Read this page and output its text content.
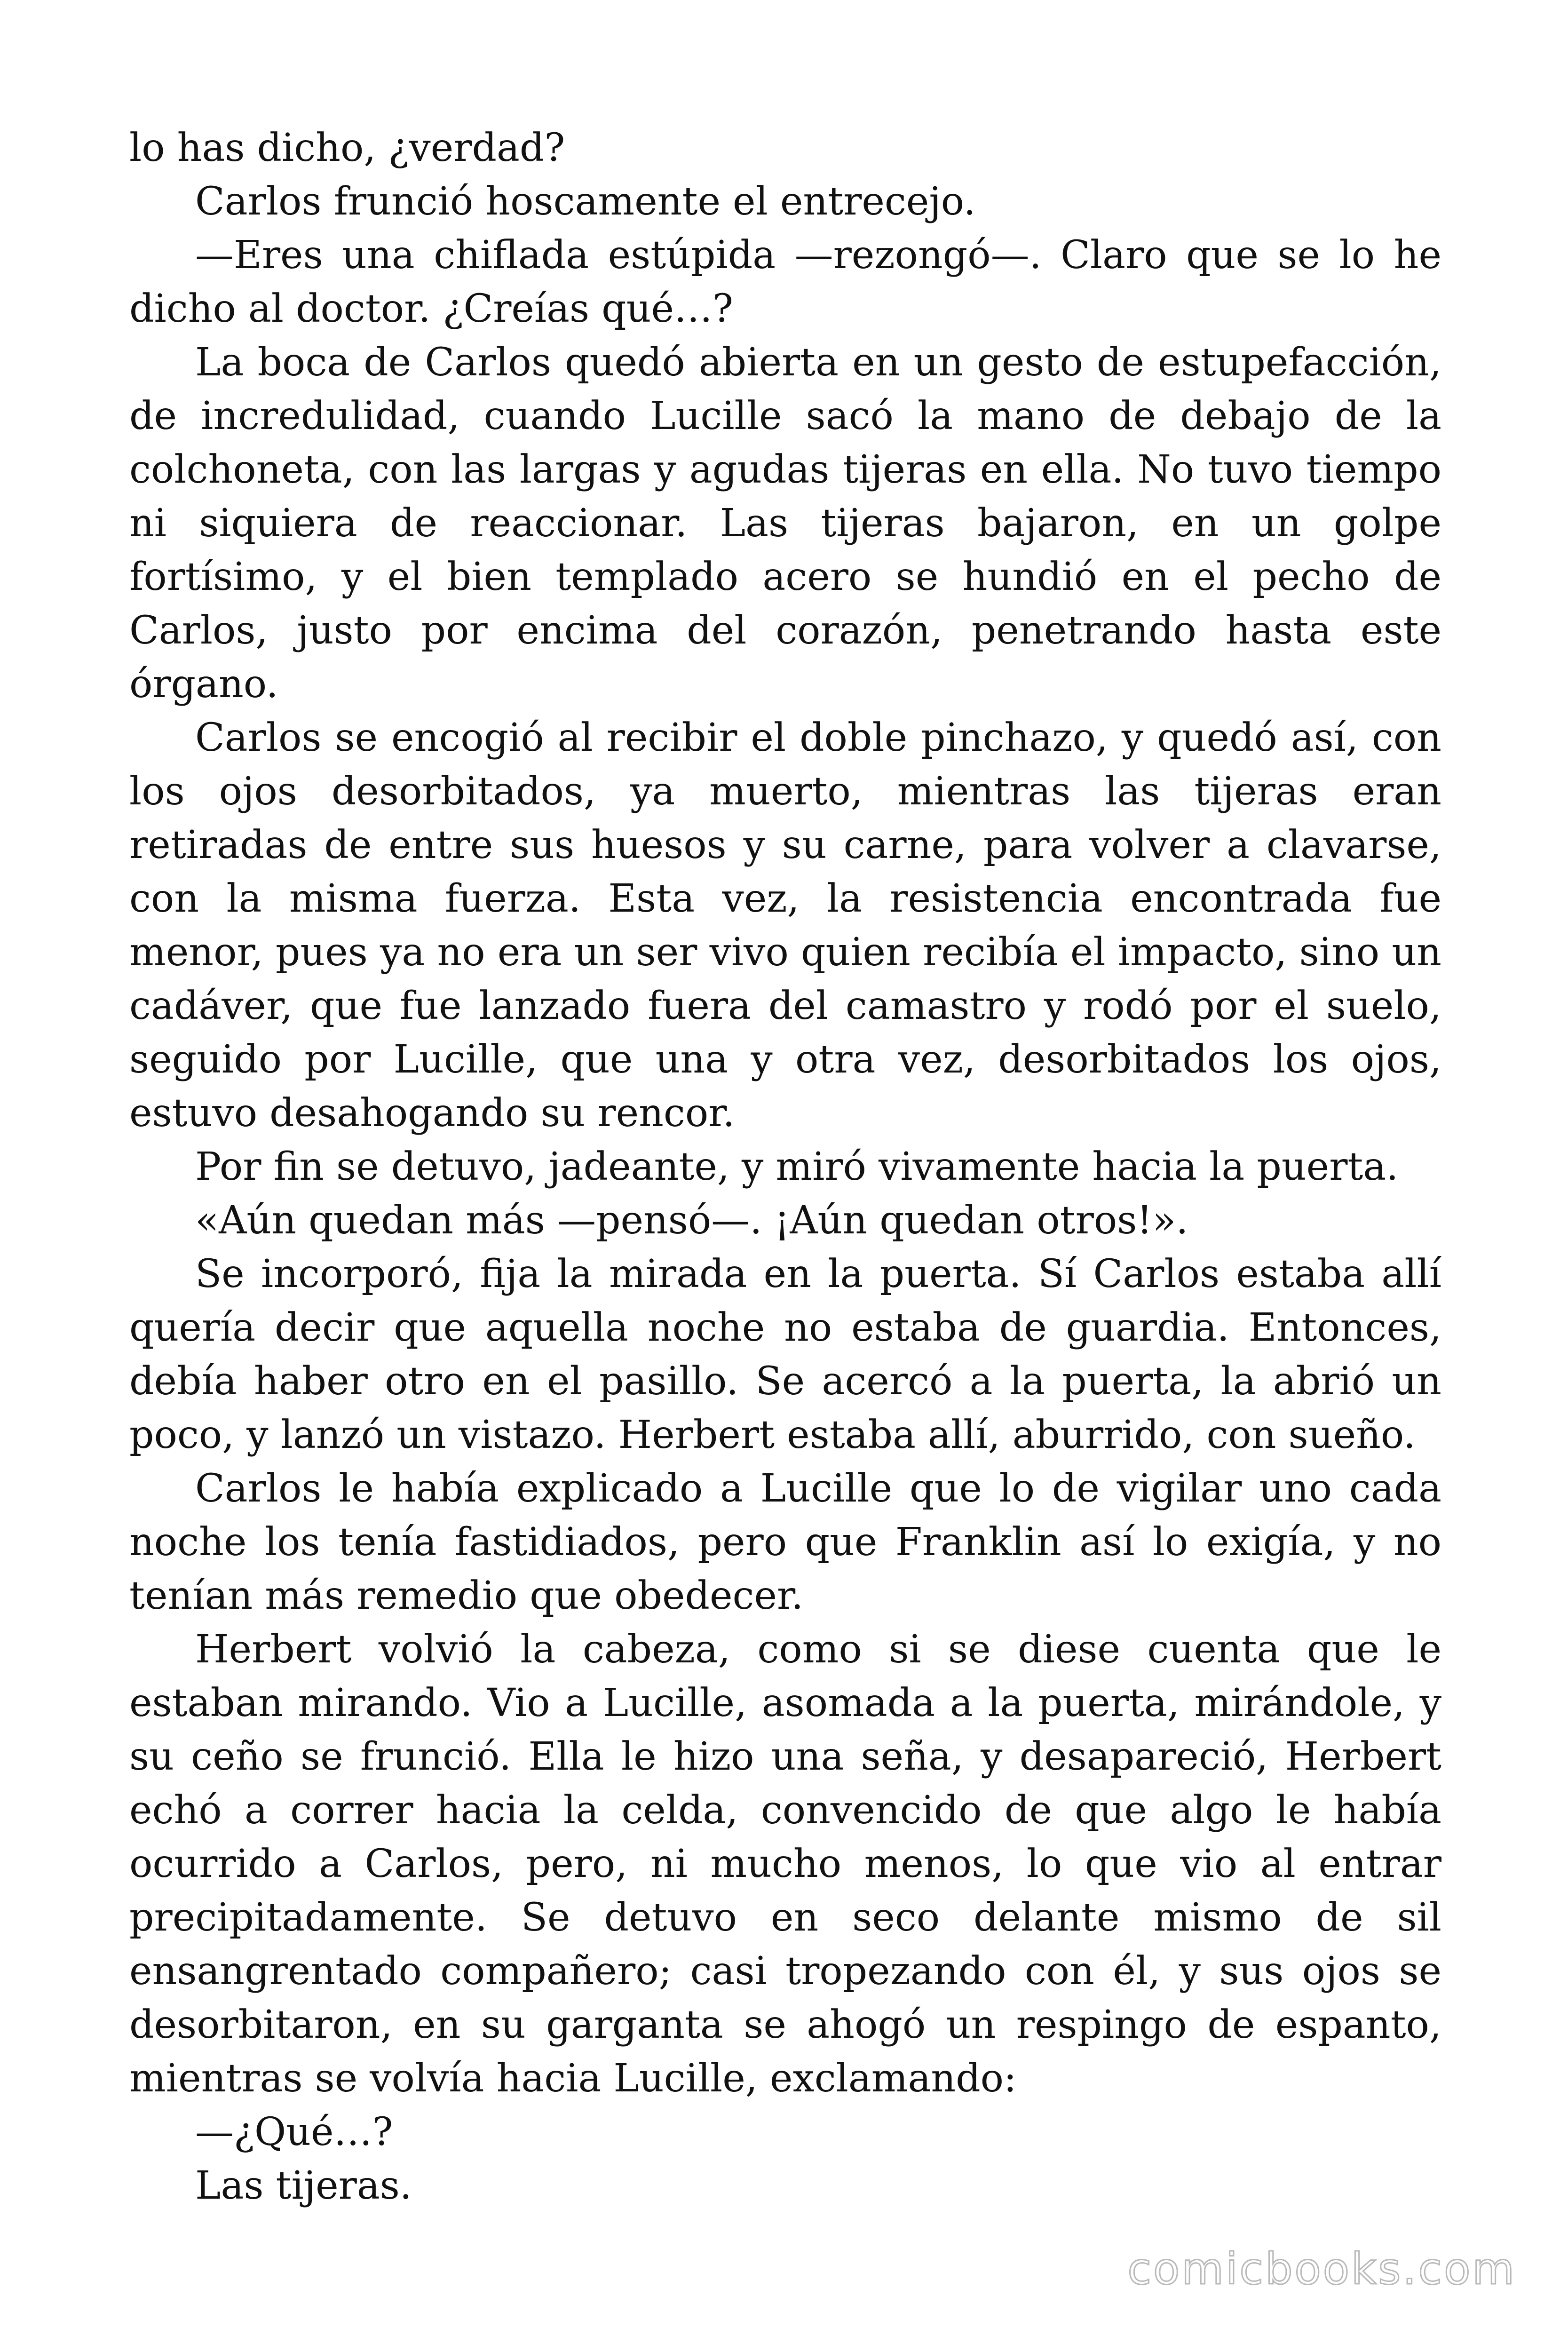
lo has dicho, ¿verdad?

Carlos frunció hoscamente el entrecejo.

—Eres una chiflada estúpida —rezongó—. Claro que se lo he dicho al doctor. ¿Creías qué…?

La boca de Carlos quedó abierta en un gesto de estupefacción, de incredulidad, cuando Lucille sacó la mano de debajo de la colchoneta, con las largas y agudas tijeras en ella. No tuvo tiempo ni siquiera de reaccionar. Las tijeras bajaron, en un golpe fortísimo, y el bien templado acero se hundió en el pecho de Carlos, justo por encima del corazón, penetrando hasta este órgano.

Carlos se encogió al recibir el doble pinchazo, y quedó así, con los ojos desorbitados, ya muerto, mientras las tijeras eran retiradas de entre sus huesos y su carne, para volver a clavarse, con la misma fuerza. Esta vez, la resistencia encontrada fue menor, pues ya no era un ser vivo quien recibía el impacto, sino un cadáver, que fue lanzado fuera del camastro y rodó por el suelo, seguido por Lucille, que una y otra vez, desorbitados los ojos, estuvo desahogando su rencor.

Por fin se detuvo, jadeante, y miró vivamente hacia la puerta.

«Aún quedan más —pensó—. ¡Aún quedan otros!».

Se incorporó, fija la mirada en la puerta. Sí Carlos estaba allí quería decir que aquella noche no estaba de guardia. Entonces, debía haber otro en el pasillo. Se acercó a la puerta, la abrió un poco, y lanzó un vistazo. Herbert estaba allí, aburrido, con sueño.

Carlos le había explicado a Lucille que lo de vigilar uno cada noche los tenía fastidiados, pero que Franklin así lo exigía, y no tenían más remedio que obedecer.

Herbert volvió la cabeza, como si se diese cuenta que le estaban mirando. Vio a Lucille, asomada a la puerta, mirándole, y su ceño se frunció. Ella le hizo una seña, y desapareció, Herbert echó a correr hacia la celda, convencido de que algo le había ocurrido a Carlos, pero, ni mucho menos, lo que vio al entrar precipitadamente. Se detuvo en seco delante mismo de sil ensangrentado compañero; casi tropezando con él, y sus ojos se desorbitaron, en su garganta se ahogó un respingo de espanto, mientras se volvía hacia Lucille, exclamando:

—¿Qué…?

Las tijeras.

comicbooks.com
